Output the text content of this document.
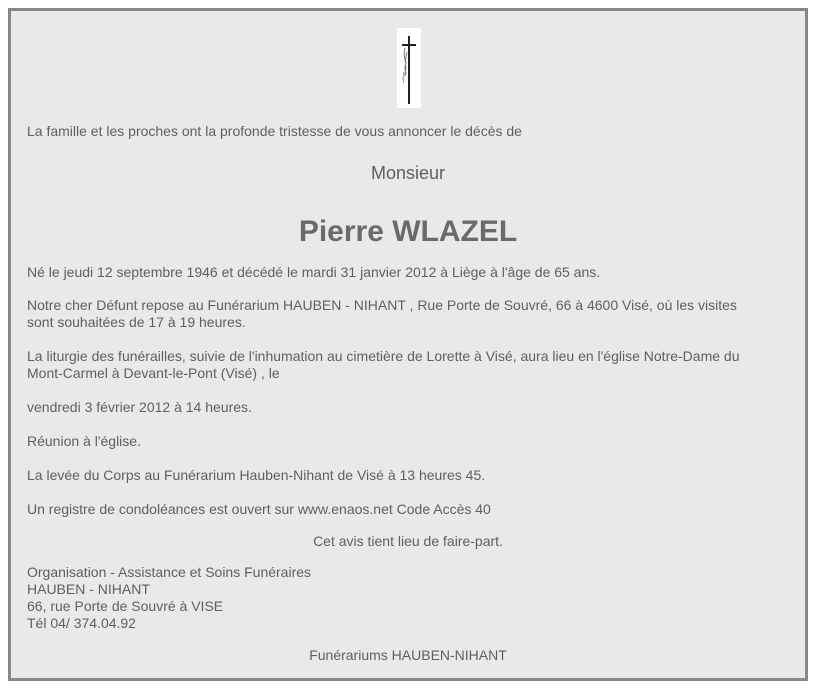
La famille et les proches ont la profonde tristesse de vous annoncer le décès de
Monsieur
Pierre WLAZEL
Né le jeudi 12 septembre 1946 et décédé le mardi 31 janvier 2012 à Liège à l'âge de 65 ans.
Notre cher Défunt repose au Funérarium HAUBEN - NIHANT , Rue Porte de Souvré, 66 à 4600 Visé, où les visites
sont souhaitées de 17 à 19 heures.
La liturgie des funérailles, suivie de l'inhumation au cimetière de Lorette à Visé, aura lieu en l'église Notre-Dame du
Mont-Carmel à Devant-le-Pont (Visé) , le
vendredi 3 février 2012 à 14 heures.
Réunion à l'église.
La levée du Corps au Funérarium Hauben-Nihant de Visé à 13 heures 45.
Un registre de condoléances est ouvert sur www.enaos.net Code Accès 40
Cet avis tient lieu de faire-part.
Organisation - Assistance et Soins Funéraires
HAUBEN - NIHANT
66, rue Porte de Souvré à VISE
Tél 04/ 374.04.92
Funérariums HAUBEN-NIHANT
